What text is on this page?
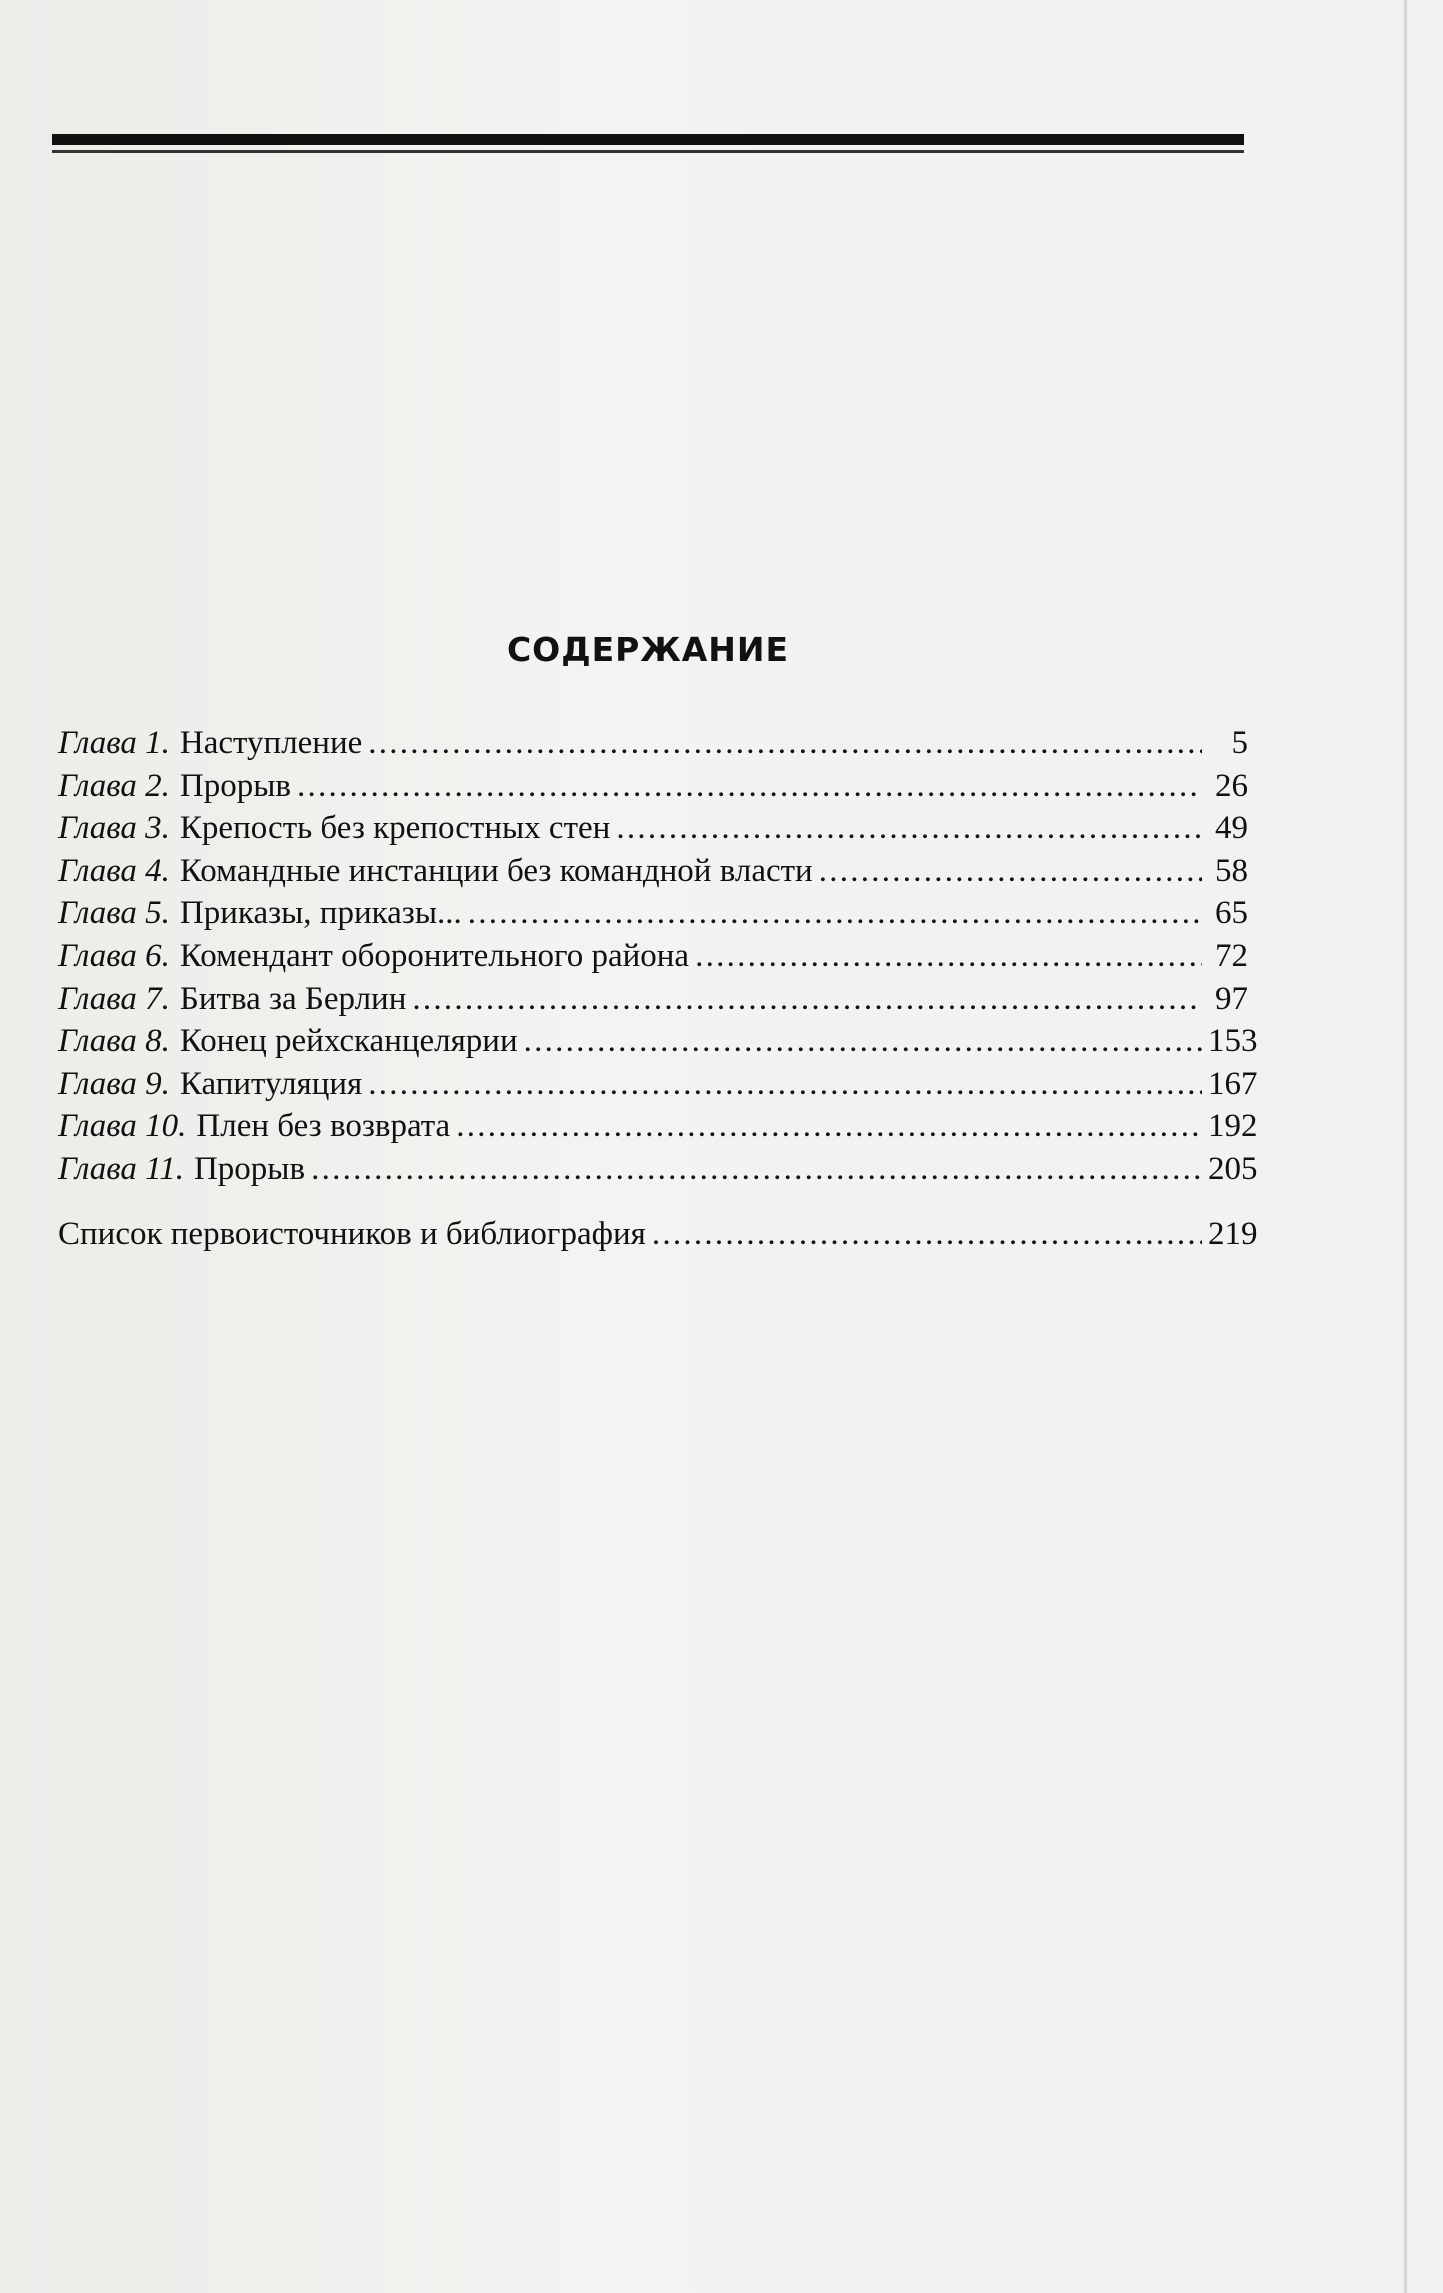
СОДЕРЖАНИЕ
Глава 1. Наступление . . .	5
Глава 2. Прорыв . . .	26
Глава 3. Крепость без крепостных стен . . .	49
Глава 4. Командные инстанции без командной власти . . .	58
Глава 5. Приказы, приказы... . . .	65
Глава 6. Комендант оборонительного района . . .	72
Глава 7. Битва за Берлин . . .	97
Глава 8. Конец рейхсканцелярии . . .	153
Глава 9. Капитуляция . . .	167
Глава 10. Плен без возврата . . .	192
Глава 11. Прорыв . . .	205
Список первоисточников и библиография . . .	219
